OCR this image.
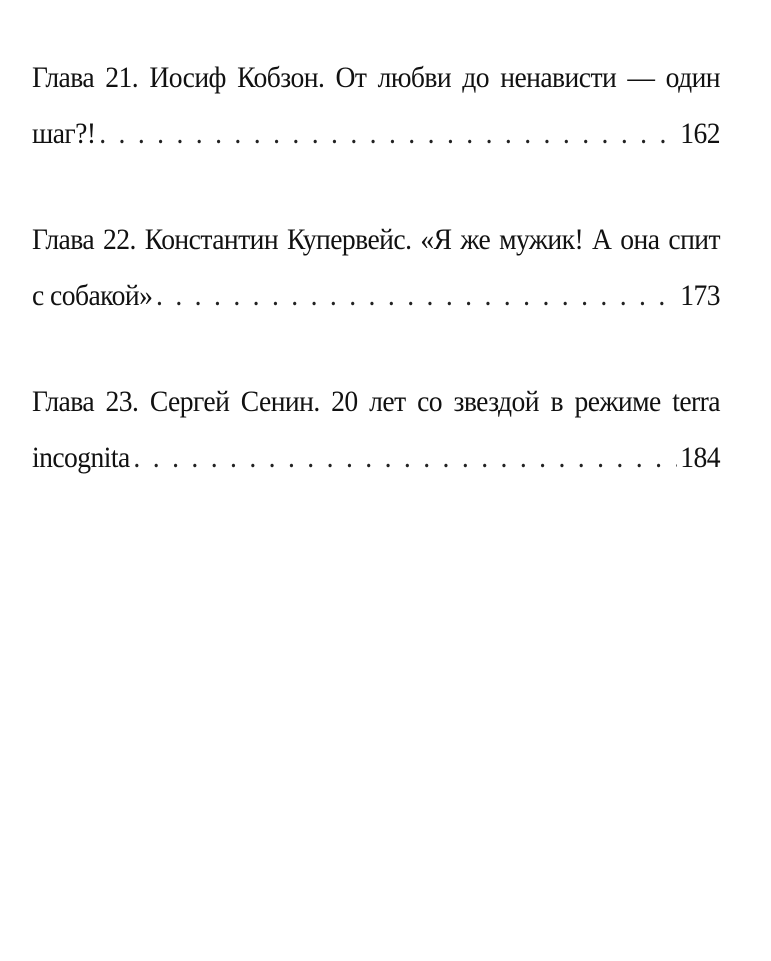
Глава 21. Иосиф Кобзон. От любви до ненависти — один
шаг?! . . .	162
Глава 22. Константин Купервейс. «Я же мужик! А она спит
с собакой» . . .	173
Глава 23. Сергей Сенин. 20 лет со звездой в режиме terra
incognita . . .	184
